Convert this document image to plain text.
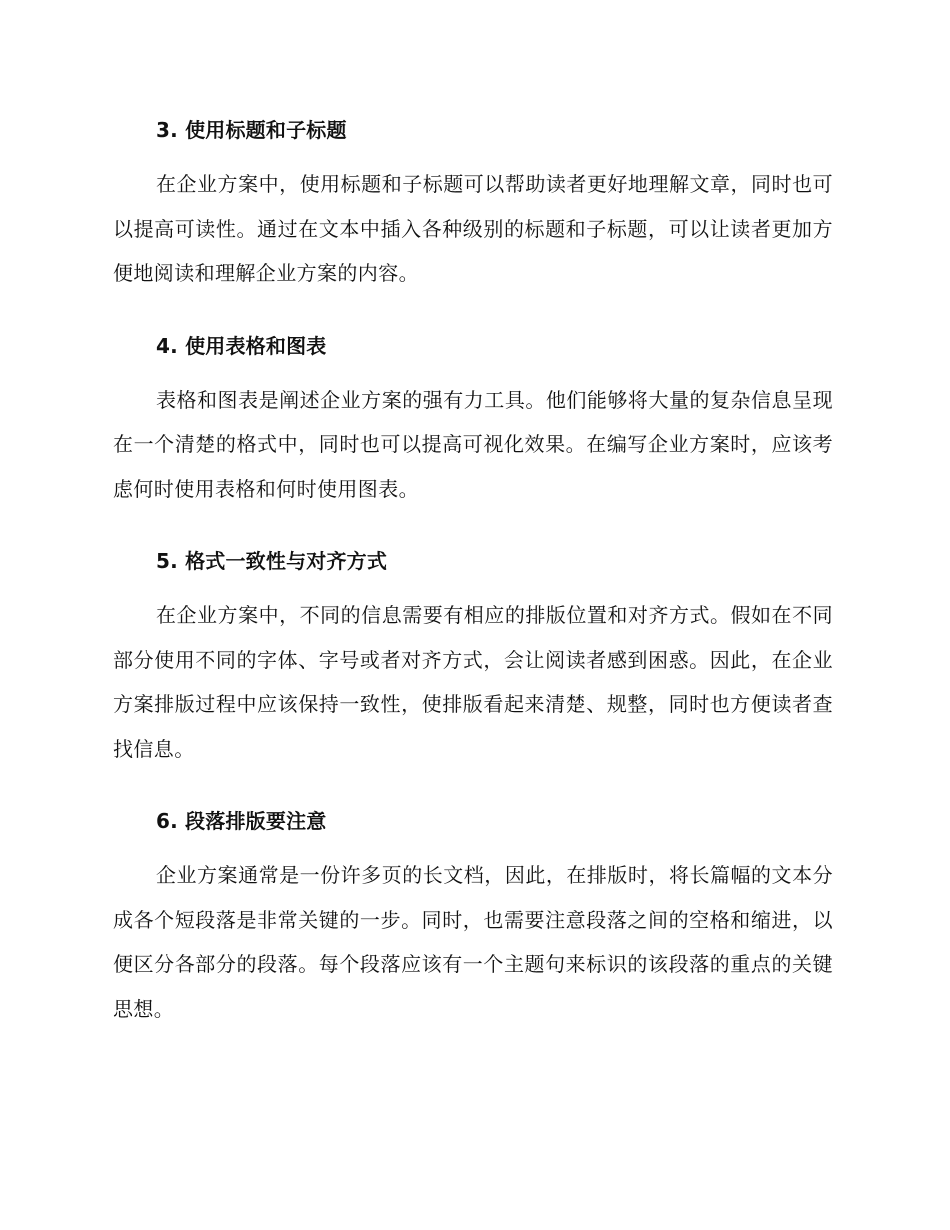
3. 使用标题和子标题

在企业方案中，使用标题和子标题可以帮助读者更好地理解文章，同时也可以提高可读性。通过在文本中插入各种级别的标题和子标题，可以让读者更加方便地阅读和理解企业方案的内容。

4. 使用表格和图表

表格和图表是阐述企业方案的强有力工具。他们能够将大量的复杂信息呈现在一个清楚的格式中，同时也可以提高可视化效果。在编写企业方案时，应该考虑何时使用表格和何时使用图表。

5. 格式一致性与对齐方式

在企业方案中，不同的信息需要有相应的排版位置和对齐方式。假如在不同部分使用不同的字体、字号或者对齐方式，会让阅读者感到困惑。因此，在企业方案排版过程中应该保持一致性，使排版看起来清楚、规整，同时也方便读者查找信息。

6. 段落排版要注意

企业方案通常是一份许多页的长文档，因此，在排版时，将长篇幅的文本分成各个短段落是非常关键的一步。同时，也需要注意段落之间的空格和缩进，以便区分各部分的段落。每个段落应该有一个主题句来标识的该段落的重点的关键思想。
